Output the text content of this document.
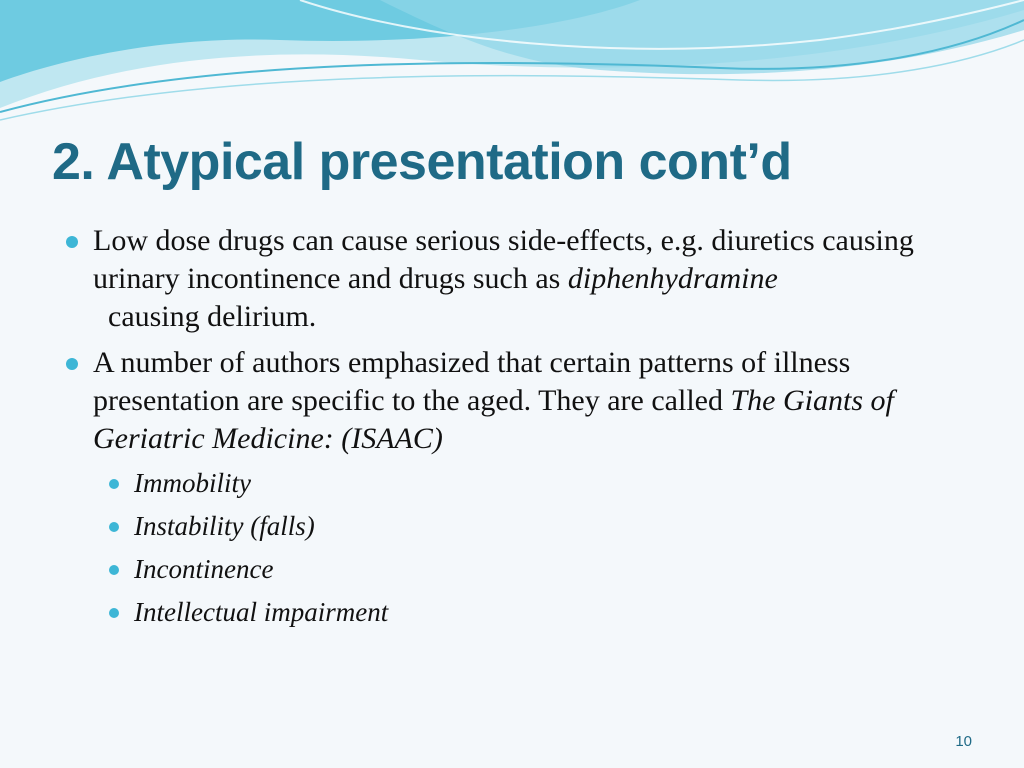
2. Atypical presentation cont’d
Low dose drugs can cause serious side-effects, e.g. diuretics causing urinary incontinence and drugs such as diphenhydramine  causing delirium.
A number of authors emphasized that certain patterns of illness presentation are specific to the aged. They are called The Giants of Geriatric Medicine: (ISAAC)
Immobility
Instability (falls)
Incontinence
Intellectual impairment
10
